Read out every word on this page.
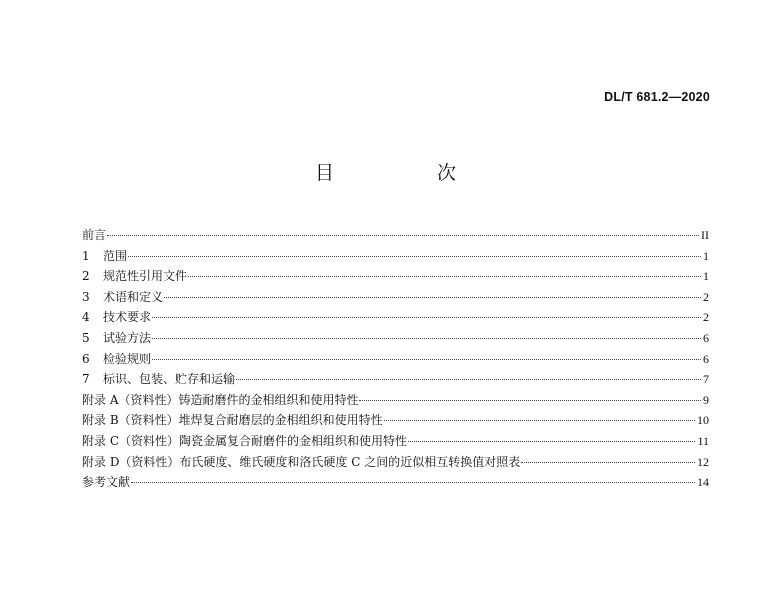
DL/T 681.2—2020
目　次
前言	II
1	范围	1
2	规范性引用文件	1
3	术语和定义	2
4	技术要求	2
5	试验方法	6
6	检验规则	6
7	标识、包装、贮存和运输	7
附录 A（资料性）铸造耐磨件的金相组织和使用特性	9
附录 B（资料性）堆焊复合耐磨层的金相组织和使用特性	10
附录 C（资料性）陶瓷金属复合耐磨件的金相组织和使用特性	11
附录 D（资料性）布氏硬度、维氏硬度和洛氏硬度 C 之间的近似相互转换值对照表	12
参考文献	14
